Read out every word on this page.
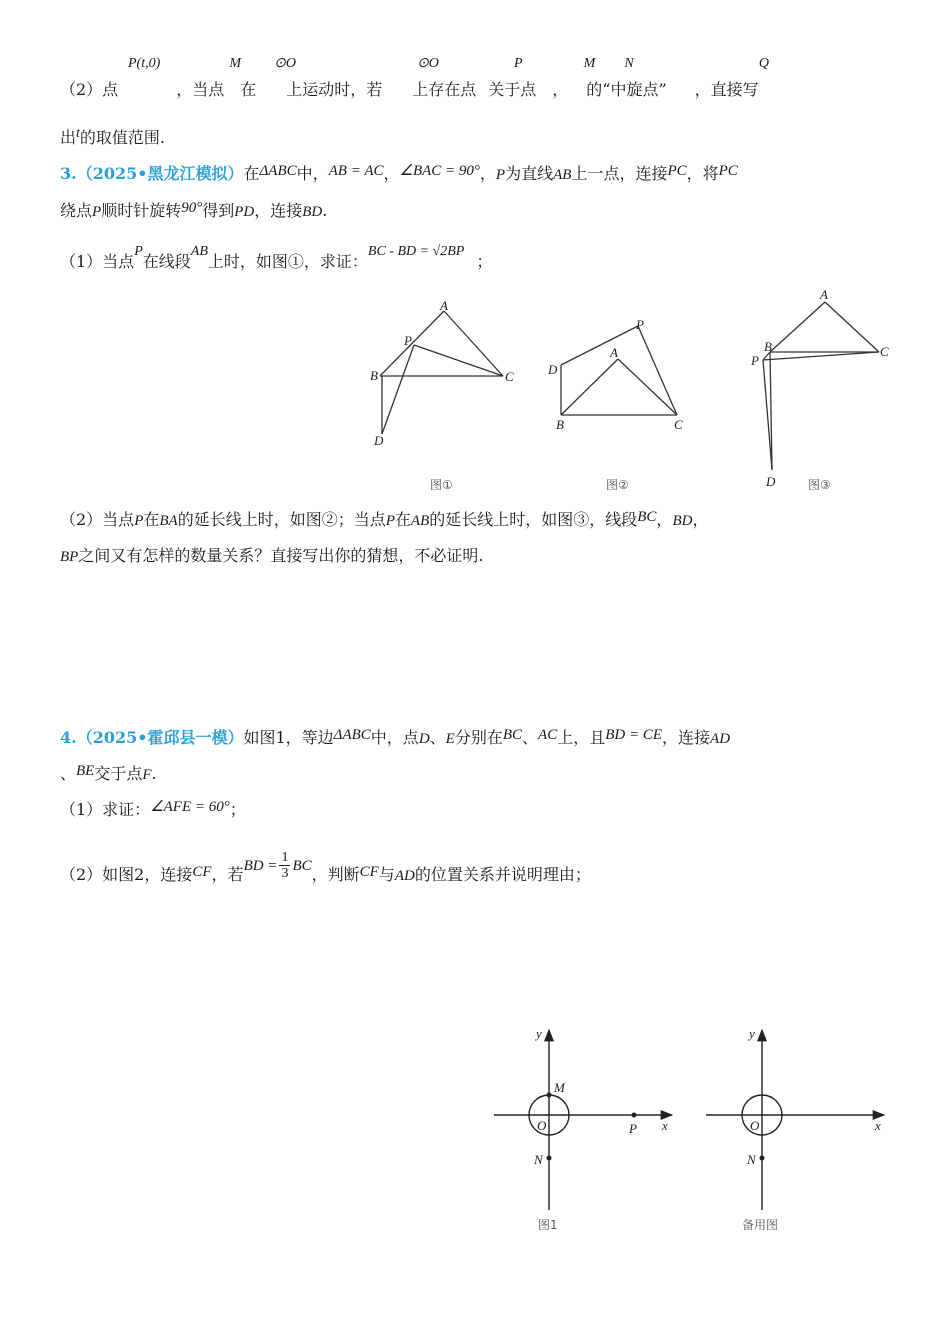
P(t,0)	M ⊙O	⊙O	P	M N	Q
（2）点	，当点 在 上运动时，若 上存在点 关于点 ， 的“中旋点” ，直接写
出t的取值范围.
3.（2025•黑龙江模拟）在ΔABC中，AB = AC，∠BAC = 90°，P为直线AB上一点，连接PC，将PC
绕点P顺时针旋转90°得到PD，连接BD.
（1）当点P在线段AB上时，如图①，求证：BC - BD = √2BP；
A
P
B	C
D
图①
P
A
D
B	C
图②
A
B
P
C
D	图③
（2）当点P在BA的延长线上时，如图②；当点P在AB的延长线上时，如图③，线段BC，BD，
BP之间又有怎样的数量关系？直接写出你的猜想，不必证明.
4.（2025•霍邱县一模）如图1，等边ΔABC中，点D、E分别在BC、AC上，且BD = CE，连接AD
、BE交于点F.
（1）求证：∠AFE = 60°；
（2）如图2，连接CF，若BD = $\frac{1}{3}$ BC，判断CF与AD的位置关系并说明理由；
y
x
O
M
N
P
图1
y
x
O
N
备用图
